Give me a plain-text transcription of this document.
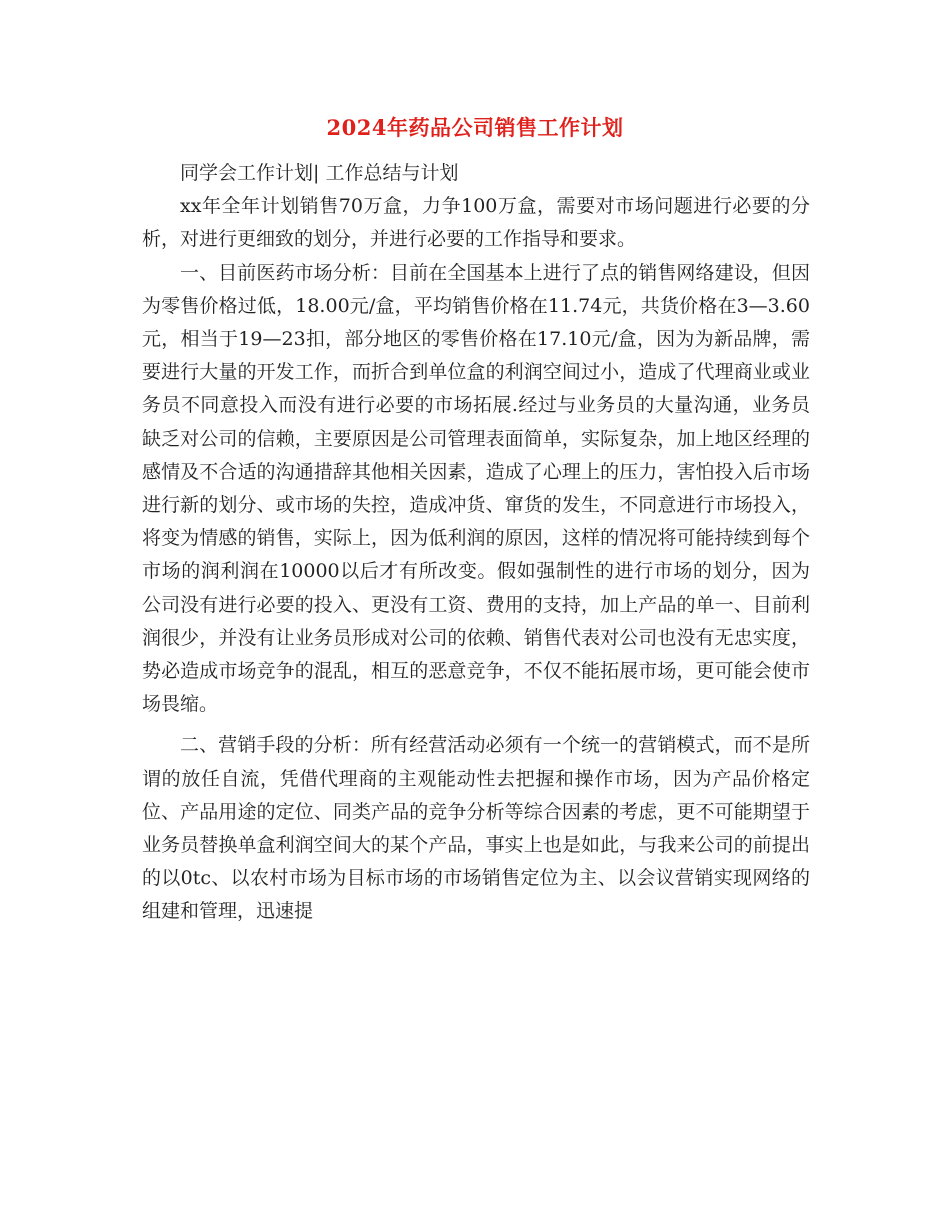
2024年药品公司销售工作计划

同学会工作计划| 工作总结与计划

xx年全年计划销售70万盒，力争100万盒，需要对市场问题进行必要的分析，对进行更细致的划分，并进行必要的工作指导和要求。

一、目前医药市场分析：目前在全国基本上进行了点的销售网络建设，但因为零售价格过低，18.00元/盒，平均销售价格在11.74元，共货价格在3—3.60元，相当于19—23扣，部分地区的零售价格在17.10元/盒，因为为新品牌，需要进行大量的开发工作，而折合到单位盒的利润空间过小，造成了代理商业或业务员不同意投入而没有进行必要的市场拓展.经过与业务员的大量沟通，业务员缺乏对公司的信赖，主要原因是公司管理表面简单，实际复杂，加上地区经理的感情及不合适的沟通措辞其他相关因素，造成了心理上的压力，害怕投入后市场进行新的划分、或市场的失控，造成冲货、窜货的发生，不同意进行市场投入，将变为情感的销售，实际上，因为低利润的原因，这样的情况将可能持续到每个市场的润利润在10000以后才有所改变。假如强制性的进行市场的划分，因为公司没有进行必要的投入、更没有工资、费用的支持，加上产品的单一、目前利润很少，并没有让业务员形成对公司的依赖、销售代表对公司也没有无忠实度，势必造成市场竞争的混乱，相互的恶意竞争，不仅不能拓展市场，更可能会使市场畏缩。

二、营销手段的分析：所有经营活动必须有一个统一的营销模式，而不是所谓的放任自流，凭借代理商的主观能动性去把握和操作市场，因为产品价格定位、产品用途的定位、同类产品的竞争分析等综合因素的考虑，更不可能期望于业务员替换单盒利润空间大的某个产品，事实上也是如此，与我来公司的前提出的以0tc、以农村市场为目标市场的市场销售定位为主、以会议营销实现网络的组建和管理，迅速提
